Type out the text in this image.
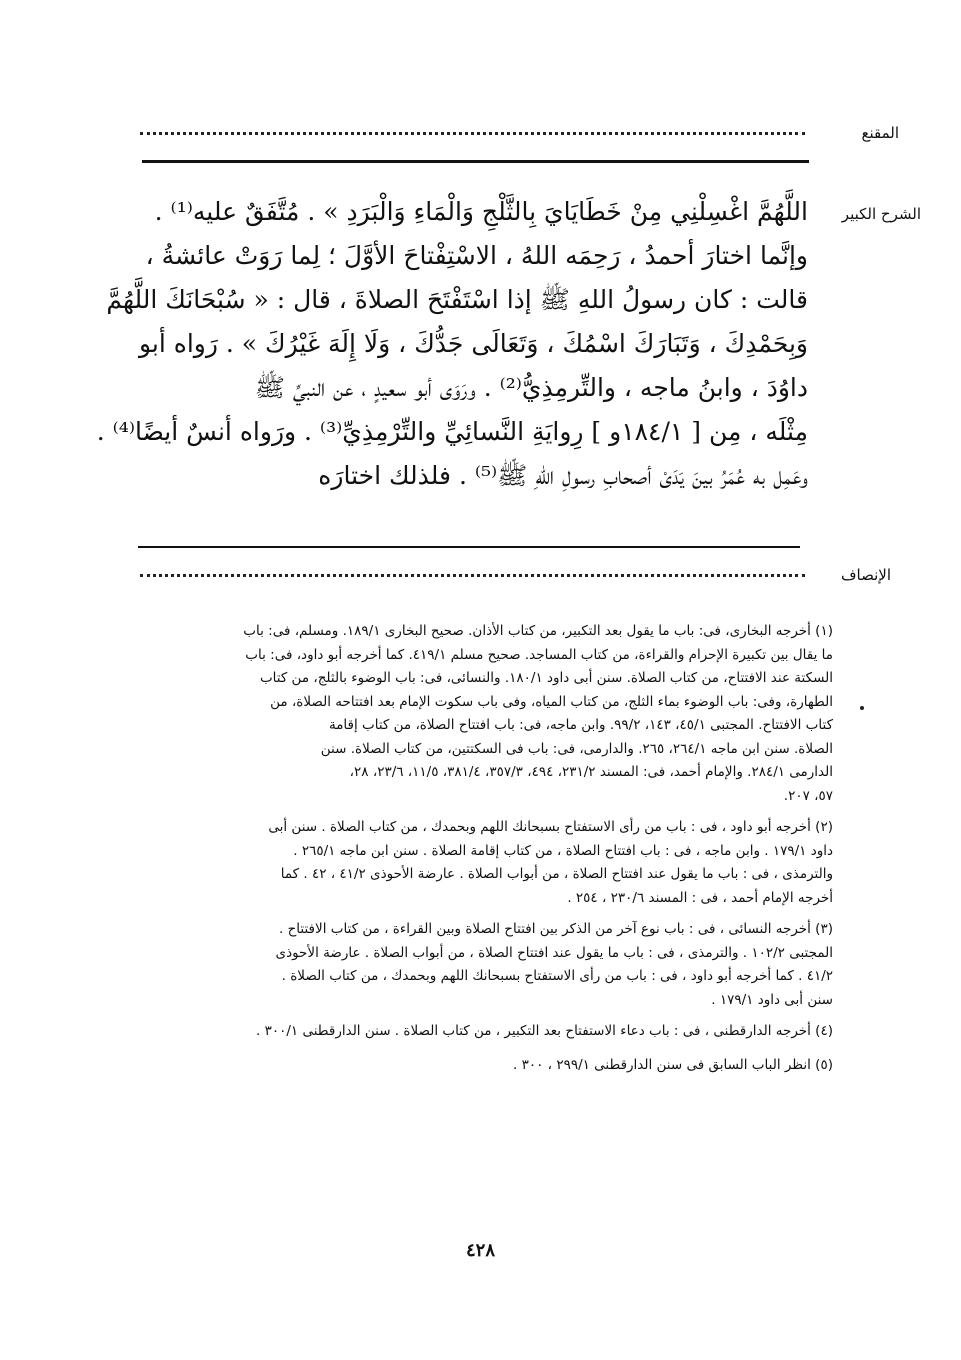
المقنع
الشرح الكبير
اللَّهُمَّ اغْسِلْنِي مِنْ خَطَايَايَ بِالثَّلْجِ وَالْمَاءِ وَالْبَرَدِ » . مُتَّفَقٌ عليه⁽¹⁾ .
وإنَّما اختارَ أحمدُ ، رَحِمَه اللهُ ، الاسْتِفْتاحَ الأوَّلَ ؛ لِما رَوَتْ عائشةُ ،
قالت : كان رسولُ اللهِ ﷺ إذا اسْتَفْتَحَ الصلاةَ ، قال : « سُبْحَانَكَ اللَّهُمَّ
وَبِحَمْدِكَ ، وَتَبَارَكَ اسْمُكَ ، وَتَعَالَى جَدُّكَ ، وَلَا إِلَهَ غَيْرُكَ » . رَواه أبو
داوُدَ ، وابنُ ماجه ، والتِّرمِذِيُّ⁽²⁾ . ورَوَى أبو سعيدٍ ، عن النبيِّ ﷺ
مِثْلَه ، مِن [ ١٨٤/١و ] رِوايَةِ النَّسائِيِّ والتِّرْمِذِيِّ⁽³⁾ . ورَواه أنسٌ أيضًا⁽⁴⁾ .
وعَمِل به عُمَرُ بينَ يَدَىْ أصحابِ رسولِ اللهِ ﷺ⁽⁵⁾ . فلذلك اختارَه
الإنصاف
(١) أخرجه البخارى، فى: باب ما يقول بعد التكبير، من كتاب الأذان. صحيح البخارى ١٨٩/١. ومسلم، فى: باب
ما يقال بين تكبيرة الإحرام والقراءة، من كتاب المساجد. صحيح مسلم ٤١٩/١. كما أخرجه أبو داود، فى: باب
السكتة عند الافتتاح، من كتاب الصلاة. سنن أبى داود ١٨٠/١. والنسائى، فى: باب الوضوء بالثلج، من كتاب
الطهارة، وفى: باب الوضوء بماء الثلج، من كتاب المياه، وفى باب سكوت الإمام بعد افتتاحه الصلاة، من
كتاب الافتتاح. المجتبى ٤٥/١، ١٤٣، ٩٩/٢. وابن ماجه، فى: باب افتتاح الصلاة، من كتاب إقامة
الصلاة. سنن ابن ماجه ٢٦٤/١، ٢٦٥. والدارمى، فى: باب فى السكتتين، من كتاب الصلاة. سنن
الدارمى ٢٨٤/١. والإمام أحمد، فى: المسند ٢٣١/٢، ٤٩٤، ٣٥٧/٣، ٣٨١/٤، ١١/٥، ٢٣/٦، ٢٨،
٥٧، ٢٠٧.
(٢) أخرجه أبو داود ، فى : باب من رأى الاستفتاح بسبحانك اللهم وبحمدك ، من كتاب الصلاة . سنن أبى
داود ١٧٩/١ . وابن ماجه ، فى : باب افتتاح الصلاة ، من كتاب إقامة الصلاة . سنن ابن ماجه ٢٦٥/١ .
والترمذى ، فى : باب ما يقول عند افتتاح الصلاة ، من أبواب الصلاة . عارضة الأحوذى ٤١/٢ ، ٤٢ . كما
أخرجه الإمام أحمد ، فى : المسند ٢٣٠/٦ ، ٢٥٤ .
(٣) أخرجه النسائى ، فى : باب نوع آخر من الذكر بين افتتاح الصلاة وبين القراءة ، من كتاب الافتتاح .
المجتبى ١٠٢/٢ . والترمذى ، فى : باب ما يقول عند افتتاح الصلاة ، من أبواب الصلاة . عارضة الأحوذى
٤١/٢ . كما أخرجه أبو داود ، فى : باب من رأى الاستفتاح بسبحانك اللهم وبحمدك ، من كتاب الصلاة .
سنن أبى داود ١٧٩/١ .
(٤) أخرجه الدارقطنى ، فى : باب دعاء الاستفتاح بعد التكبير ، من كتاب الصلاة . سنن الدارقطنى ٣٠٠/١ .
(٥) انظر الباب السابق فى سنن الدارقطنى ٢٩٩/١ ، ٣٠٠ .
٤٢٨
